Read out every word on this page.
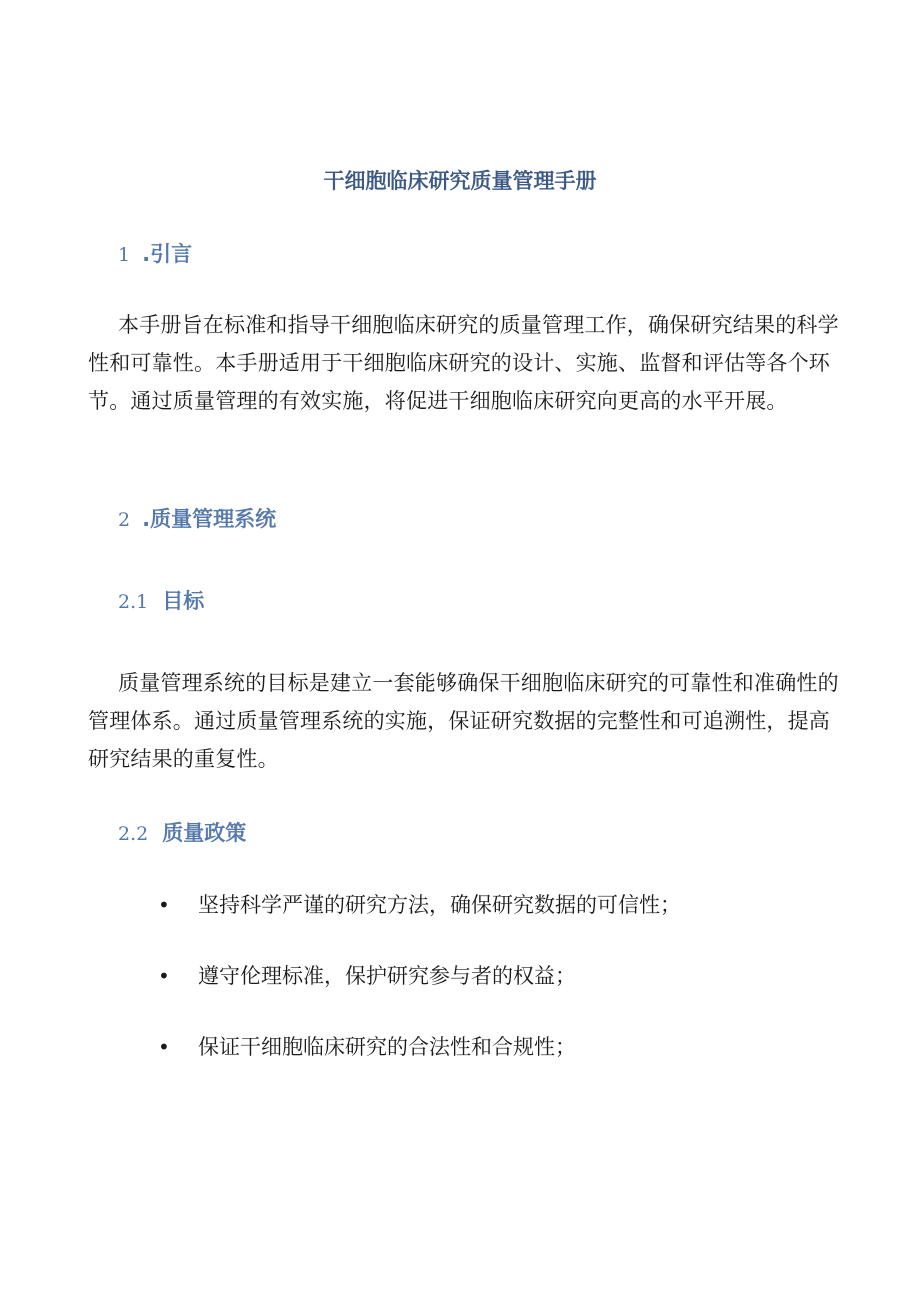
干细胞临床研究质量管理手册
1 .引言

本手册旨在标准和指导干细胞临床研究的质量管理工作，确保研究结果的科学性和可靠性。本手册适用于干细胞临床研究的设计、实施、监督和评估等各个环节。通过质量管理的有效实施，将促进干细胞临床研究向更高的水平开展。

2 .质量管理系统
2.1 目标

质量管理系统的目标是建立一套能够确保干细胞临床研究的可靠性和准确性的管理体系。通过质量管理系统的实施，保证研究数据的完整性和可追溯性，提高研究结果的重复性。

2.2 质量政策
• 坚持科学严谨的研究方法，确保研究数据的可信性；
• 遵守伦理标准，保护研究参与者的权益；
• 保证干细胞临床研究的合法性和合规性；
